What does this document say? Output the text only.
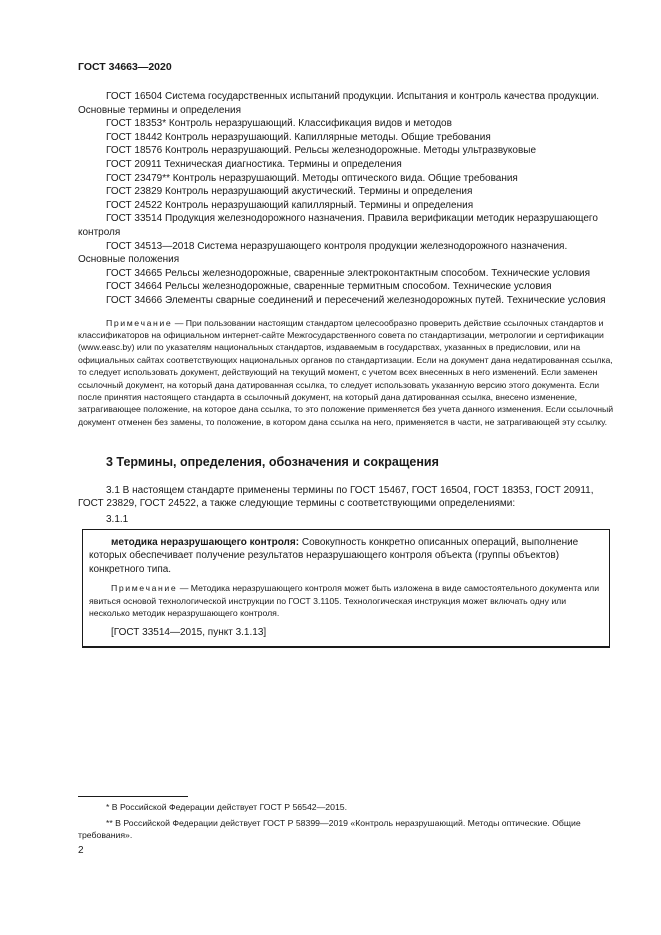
ГОСТ 34663—2020

ГОСТ 16504 Система государственных испытаний продукции. Испытания и контроль качества продукции. Основные термины и определения

ГОСТ 18353* Контроль неразрушающий. Классификация видов и методов

ГОСТ 18442 Контроль неразрушающий. Капиллярные методы. Общие требования

ГОСТ 18576 Контроль неразрушающий. Рельсы железнодорожные. Методы ультразвуковые

ГОСТ 20911 Техническая диагностика. Термины и определения

ГОСТ 23479** Контроль неразрушающий. Методы оптического вида. Общие требования

ГОСТ 23829 Контроль неразрушающий акустический. Термины и определения

ГОСТ 24522 Контроль неразрушающий капиллярный. Термины и определения

ГОСТ 33514 Продукция железнодорожного назначения. Правила верификации методик неразрушающего контроля

ГОСТ 34513—2018 Система неразрушающего контроля продукции железнодорожного назначения. Основные положения

ГОСТ 34665 Рельсы железнодорожные, сваренные электроконтактным способом. Технические условия

ГОСТ 34664 Рельсы железнодорожные, сваренные термитным способом. Технические условия

ГОСТ 34666 Элементы сварные соединений и пересечений железнодорожных путей. Технические условия

Примечание — При пользовании настоящим стандартом целесообразно проверить действие ссылочных стандартов и классификаторов на официальном интернет-сайте Межгосударственного совета по стандартизации, метрологии и сертификации (www.easc.by) или по указателям национальных стандартов, издаваемым в государствах, указанных в предисловии, или на официальных сайтах соответствующих национальных органов по стандартизации. Если на документ дана недатированная ссылка, то следует использовать документ, действующий на текущий момент, с учетом всех внесенных в него изменений. Если заменен ссылочный документ, на который дана датированная ссылка, то следует использовать указанную версию этого документа. Если после принятия настоящего стандарта в ссылочный документ, на который дана датированная ссылка, внесено изменение, затрагивающее положение, на которое дана ссылка, то это положение применяется без учета данного изменения. Если ссылочный документ отменен без замены, то положение, в котором дана ссылка на него, применяется в части, не затрагивающей эту ссылку.

3 Термины, определения, обозначения и сокращения

3.1 В настоящем стандарте применены термины по ГОСТ 15467, ГОСТ 16504, ГОСТ 18353, ГОСТ 20911, ГОСТ 23829, ГОСТ 24522, а также следующие термины с соответствующими определениями:

3.1.1

методика неразрушающего контроля: Совокупность конкретно описанных операций, выполнение которых обеспечивает получение результатов неразрушающего контроля объекта (группы объектов) конкретного типа.

Примечание — Методика неразрушающего контроля может быть изложена в виде самостоятельного документа или явиться основой технологической инструкции по ГОСТ 3.1105. Технологическая инструкция может включать одну или несколько методик неразрушающего контроля.

[ГОСТ 33514—2015, пункт 3.1.13]

* В Российской Федерации действует ГОСТ Р 56542—2015.

** В Российской Федерации действует ГОСТ Р 58399—2019 «Контроль неразрушающий. Методы оптические. Общие требования».

2
